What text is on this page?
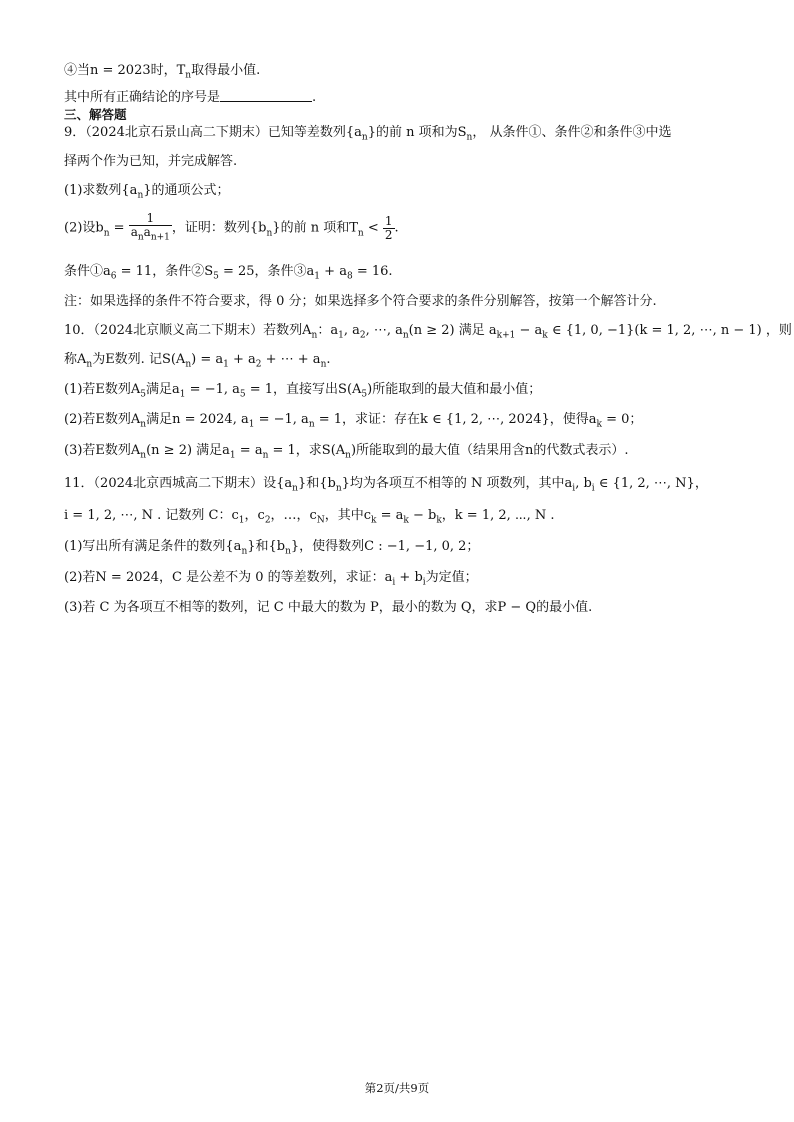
④当n = 2023时，$T_n$取得最小值.
其中所有正确结论的序号是	.
三、解答题
9．（2024北京石景山高二下期末）已知等差数列$\{a_n\}$的前 n 项和为$S_n$， 从条件①、条件②和条件③中选
择两个作为已知，并完成解答.
(1)求数列$\{a_n\}$的通项公式；
(2)设$b_n = \frac{1}{a_na_{n+1}}$ ，证明：数列$\{b_n\}$的前 n 项和$T_n < \frac{1}{2}$ .
条件$①a_6 = 11$，条件$②S_5 = 25$，条件$③a_1 + a_8 = 16$.
注：如果选择的条件不符合要求，得 0 分；如果选择多个符合要求的条件分别解答，按第一个解答计分.
10．（2024北京顺义高二下期末）若数列$A_n$：$a_1$, $a_2$, ⋯, $a_n(n \ge 2)$ 满足 $a_{k+1} - a_k$ ∈ {1, 0, −1}(k = 1, 2, ⋯, n − 1) ，则
称$A_n$为E数列. 记$S(A_n) = a_1 + a_2$ + ⋯ + $a_n$.
(1)若E数列$A_5$满足$a_1 = -1$, $a_5 = 1$，直接写出$S(A_5)$所能取到的最大值和最小值；
(2)若E数列$A_n$满足n = 2024, $a_1 = -1$, $a_n = 1$，求证：存在k ∈ {1, 2, ⋯, 2024}，使得$a_k = 0$；
(3)若E数列$A_n(n \ge 2)$ 满足$a_1 = a_n = 1$，求$S(A_n)$所能取到的最大值（结果用含n的代数式表示）.
11．（2024北京西城高二下期末）设$\{a_n\}$和$\{b_n\}$均为各项互不相等的 N 项数列，其中$a_i$, $b_i$ ∈ {1, 2, ⋯, N}，
i = 1, 2, ⋯, N . 记数列 C：$c_1$，$c_2$，…，$c_N$，其中$c_k = a_k - b_k$，k = 1, 2, ⋯, N .
(1)写出所有满足条件的数列$\{a_n\}$和$\{b_n\}$，使得数列C : −1, −1, 0, 2；
(2)若N = 2024，C 是公差不为 0 的等差数列，求证：$a_i + b_i$为定值；
(3)若 C 为各项互不相等的数列，记 C 中最大的数为 P，最小的数为 Q，求P − Q的最小值.
第2页/共9页
